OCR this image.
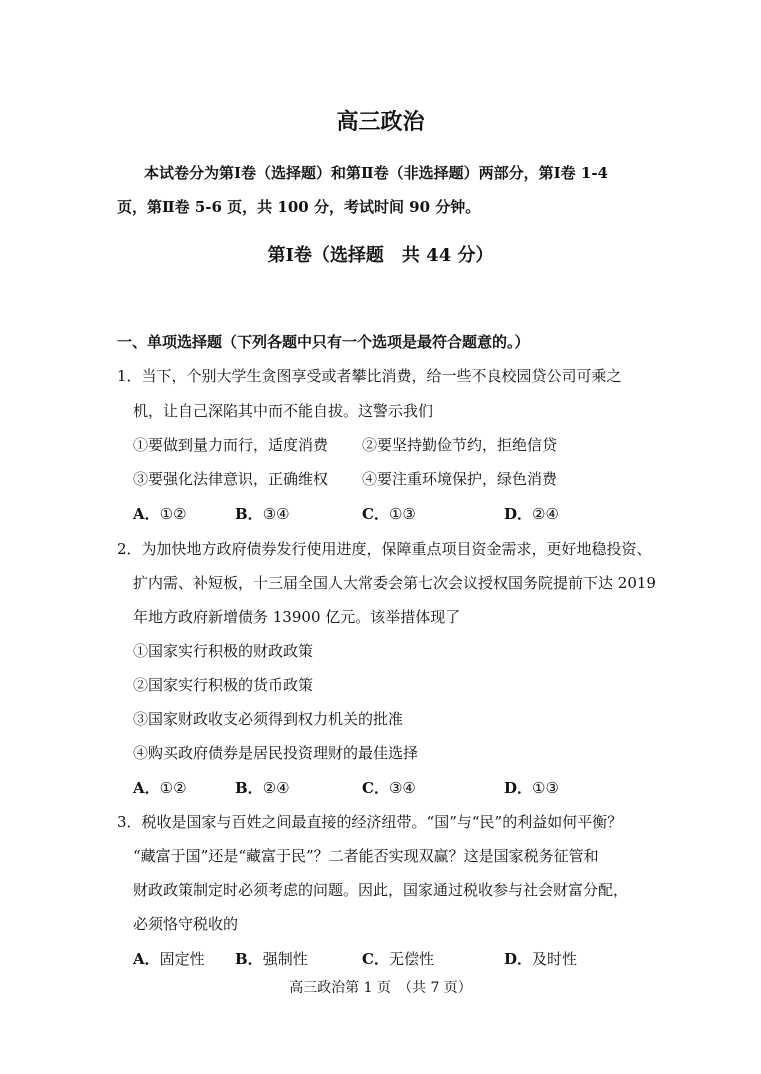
高三政治
本试卷分为第Ⅰ卷（选择题）和第Ⅱ卷（非选择题）两部分，第Ⅰ卷 1-4
页，第Ⅱ卷 5-6 页，共 100 分，考试时间 90 分钟。
第Ⅰ卷（选择题　共 44 分）
一、单项选择题（下列各题中只有一个选项是最符合题意的。）
1．当下，个别大学生贪图享受或者攀比消费，给一些不良校园贷公司可乘之
机，让自己深陷其中而不能自拔。这警示我们
①要做到量力而行，适度消费 ②要坚持勤俭节约，拒绝信贷
③要强化法律意识，正确维权 ④要注重环境保护，绿色消费
A．①②	B．③④	C．①③	D．②④
2．为加快地方政府债券发行使用进度，保障重点项目资金需求，更好地稳投资、
扩内需、补短板，十三届全国人大常委会第七次会议授权国务院提前下达 2019
年地方政府新增债务 13900 亿元。该举措体现了
①国家实行积极的财政政策
②国家实行积极的货币政策
③国家财政收支必须得到权力机关的批准
④购买政府债券是居民投资理财的最佳选择
A．①②	B．②④	C．③④	D．①③
3．税收是国家与百姓之间最直接的经济纽带。“国”与“民”的利益如何平衡？
“藏富于国”还是“藏富于民”？二者能否实现双赢？这是国家税务征管和
财政政策制定时必须考虑的问题。因此，国家通过税收参与社会财富分配，
必须恪守税收的
A．固定性 B．强制性	C．无偿性	D．及时性
高三政治第 1 页　（共 7 页）
